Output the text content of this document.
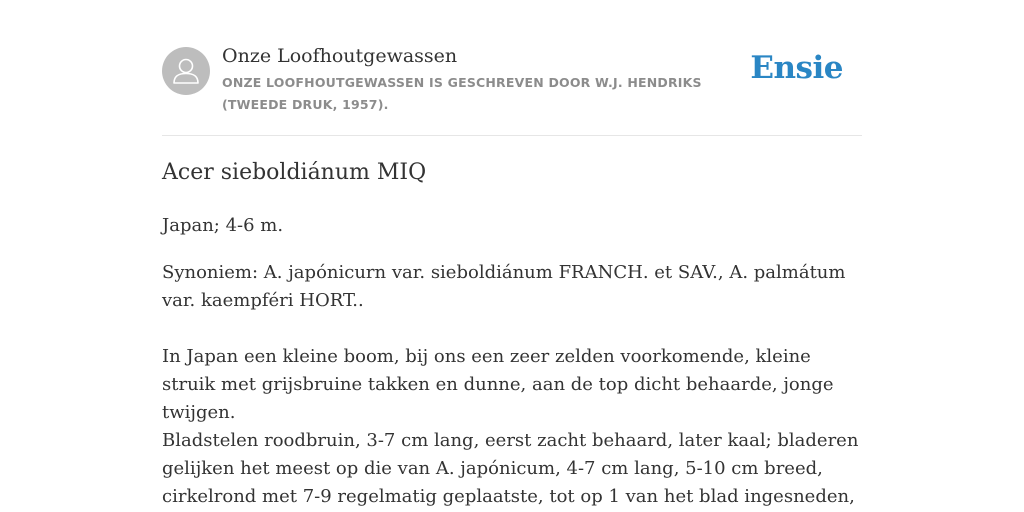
Onze Loofhoutgewassen
ONZE LOOFHOUTGEWASSEN IS GESCHREVEN DOOR W.J. HENDRIKS (TWEEDE DRUK, 1957).
Ensie
Acer sieboldiánum MIQ

Japan; 4-6 m.

Synoniem: A. japónicurn var. sieboldiánum FRANCH. et SAV., A. palmátum var. kaempféri HORT..

In Japan een kleine boom, bij ons een zeer zelden voorkomende, kleine struik met grijsbruine takken en dunne, aan de top dicht behaarde, jonge twijgen.

Bladstelen roodbruin, 3-7 cm lang, eerst zacht behaard, later kaal; bladeren gelijken het meest op die van A. japónicum, 4-7 cm lang, 5-10 cm breed, cirkelrond met 7-9 regelmatig geplaatste, tot op 1 van het blad ingesneden,
